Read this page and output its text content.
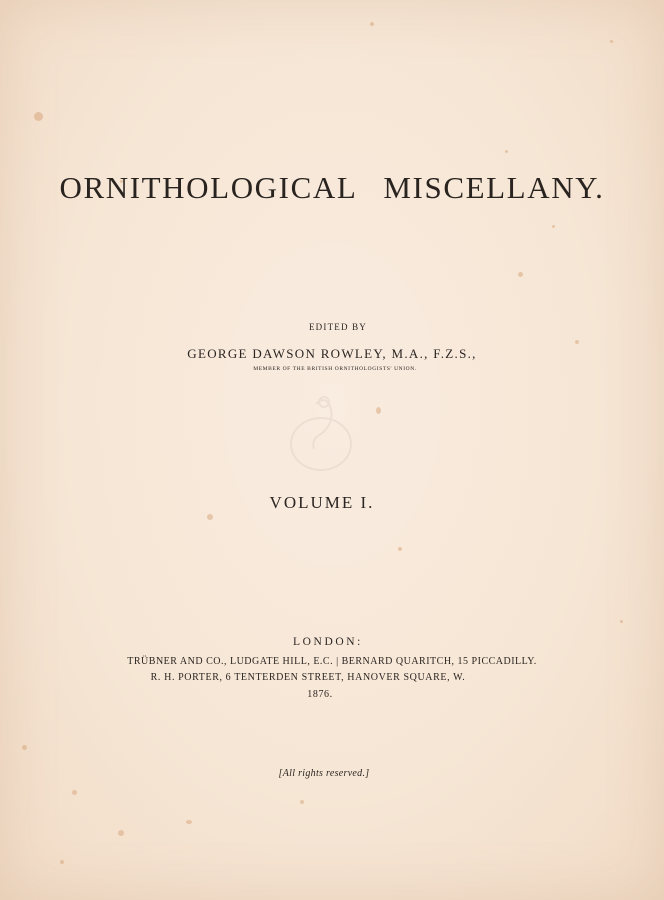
ORNITHOLOGICAL MISCELLANY.
EDITED BY
GEORGE DAWSON ROWLEY, M.A., F.Z.S.,
MEMBER OF THE BRITISH ORNITHOLOGISTS' UNION.
VOLUME I.
LONDON:
TRÜBNER AND CO., LUDGATE HILL, E.C. | BERNARD QUARITCH, 15 PICCADILLY.
R. H. PORTER, 6 TENTERDEN STREET, HANOVER SQUARE, W.
1876.
[All rights reserved.]
